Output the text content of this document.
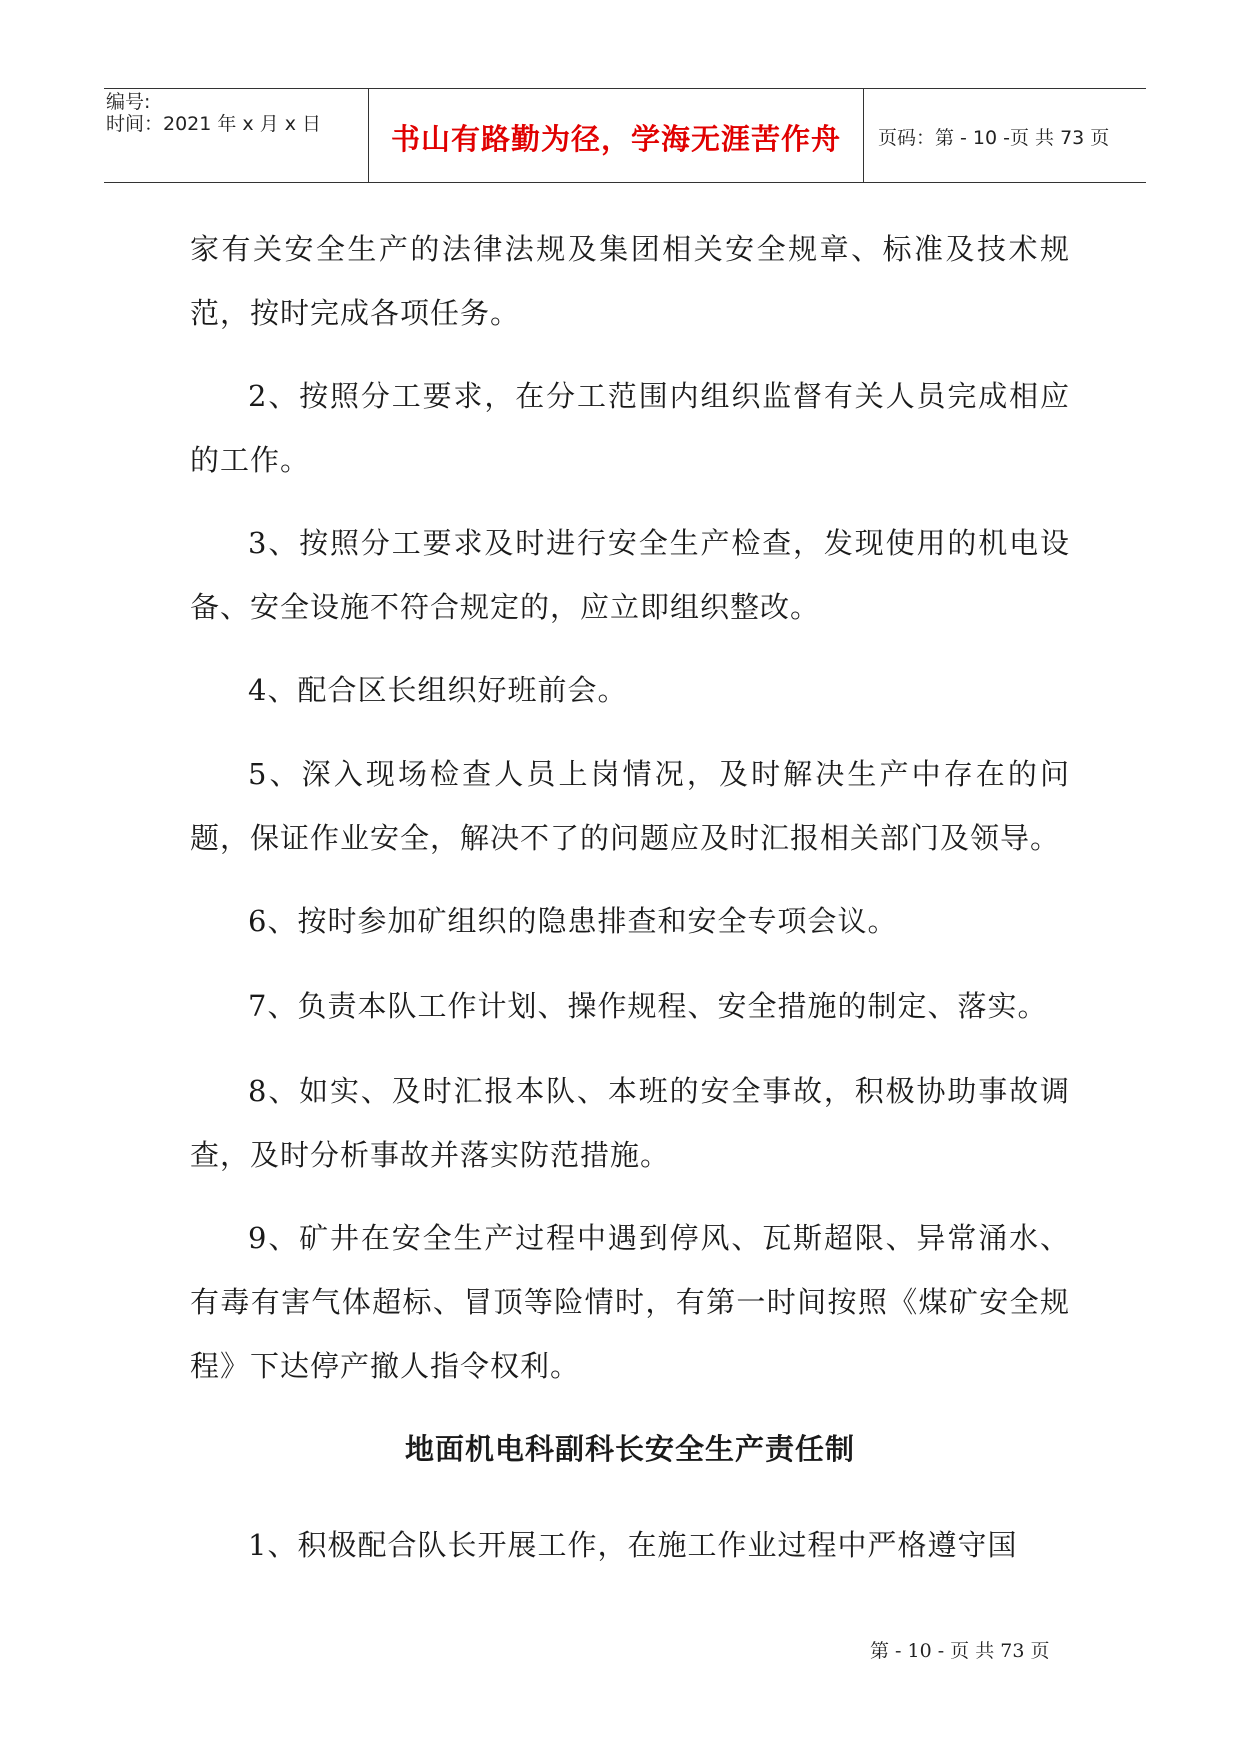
编号:
时间：2021 年 x 月 x 日	书山有路勤为径，学海无涯苦作舟	页码：第 - 10 -页 共 73 页

家有关安全生产的法律法规及集团相关安全规章、标准及技术规范，按时完成各项任务。

2、按照分工要求，在分工范围内组织监督有关人员完成相应的工作。

3、按照分工要求及时进行安全生产检查，发现使用的机电设备、安全设施不符合规定的，应立即组织整改。

4、配合区长组织好班前会。

5、深入现场检查人员上岗情况，及时解决生产中存在的问题，保证作业安全，解决不了的问题应及时汇报相关部门及领导。

6、按时参加矿组织的隐患排查和安全专项会议。

7、负责本队工作计划、操作规程、安全措施的制定、落实。

8、如实、及时汇报本队、本班的安全事故，积极协助事故调查，及时分析事故并落实防范措施。

9、矿井在安全生产过程中遇到停风、瓦斯超限、异常涌水、有毒有害气体超标、冒顶等险情时，有第一时间按照《煤矿安全规程》下达停产撤人指令权利。

地面机电科副科长安全生产责任制

1、积极配合队长开展工作，在施工作业过程中严格遵守国

第 - 10 - 页 共 73 页
